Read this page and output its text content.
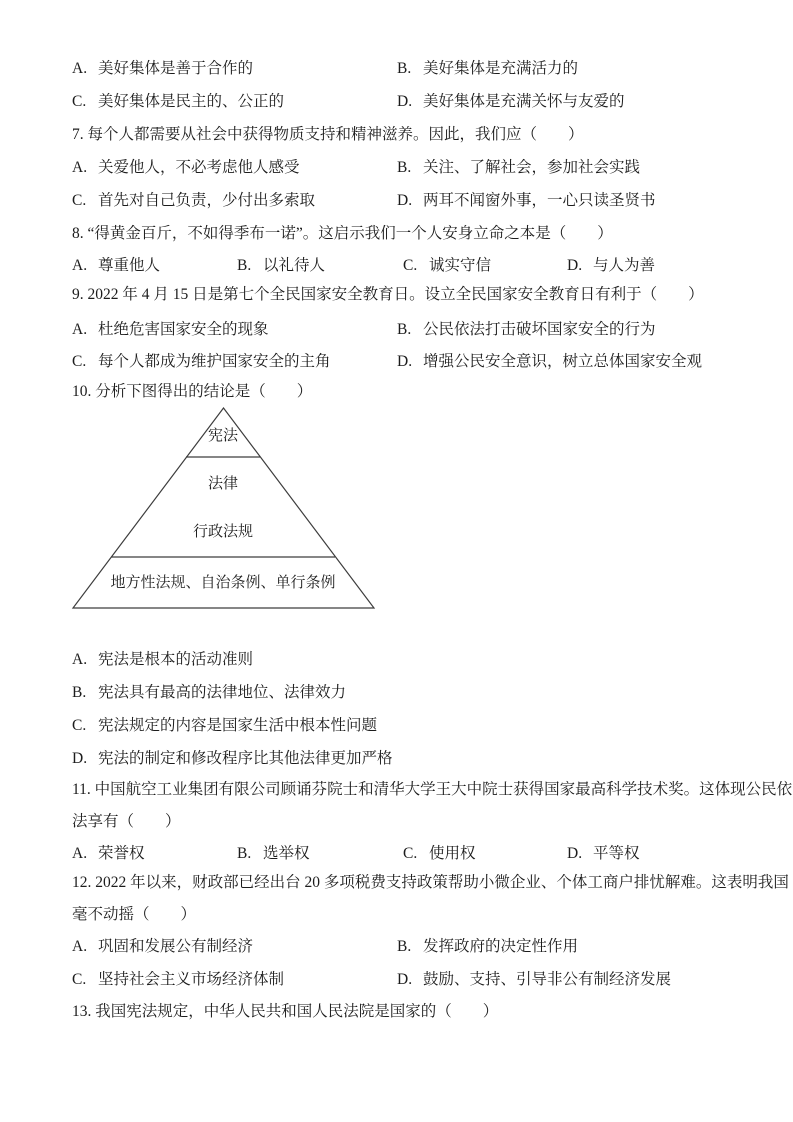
A. 美好集体是善于合作的	B. 美好集体是充满活力的
C. 美好集体是民主的、公正的	D. 美好集体是充满关怀与友爱的
7. 每个人都需要从社会中获得物质支持和精神滋养。因此，我们应（　　）
A. 关爱他人，不必考虑他人感受	B. 关注、了解社会，参加社会实践
C. 首先对自己负责，少付出多索取	D. 两耳不闻窗外事，一心只读圣贤书
8. “得黄金百斤，不如得季布一诺”。这启示我们一个人安身立命之本是（　　）
A. 尊重他人	B. 以礼待人	C. 诚实守信	D. 与人为善
9. 2022 年 4 月 15 日是第七个全民国家安全教育日。设立全民国家安全教育日有利于（　　）
A. 杜绝危害国家安全的现象	B. 公民依法打击破坏国家安全的行为
C. 每个人都成为维护国家安全的主角	D. 增强公民安全意识，树立总体国家安全观
10. 分析下图得出的结论是（　　）
宪法
法律
行政法规
地方性法规、自治条例、单行条例
A. 宪法是根本的活动准则
B. 宪法具有最高的法律地位、法律效力
C. 宪法规定的内容是国家生活中根本性问题
D. 宪法的制定和修改程序比其他法律更加严格
11. 中国航空工业集团有限公司顾诵芬院士和清华大学王大中院士获得国家最高科学技术奖。这体现公民依
法享有（　　）
A. 荣誉权	B. 选举权	C. 使用权	D. 平等权
12. 2022 年以来，财政部已经出台 20 多项税费支持政策帮助小微企业、个体工商户排忧解难。这表明我国
毫不动摇（　　）
A. 巩固和发展公有制经济	B. 发挥政府的决定性作用
C. 坚持社会主义市场经济体制	D. 鼓励、支持、引导非公有制经济发展
13. 我国宪法规定，中华人民共和国人民法院是国家的（　　）
